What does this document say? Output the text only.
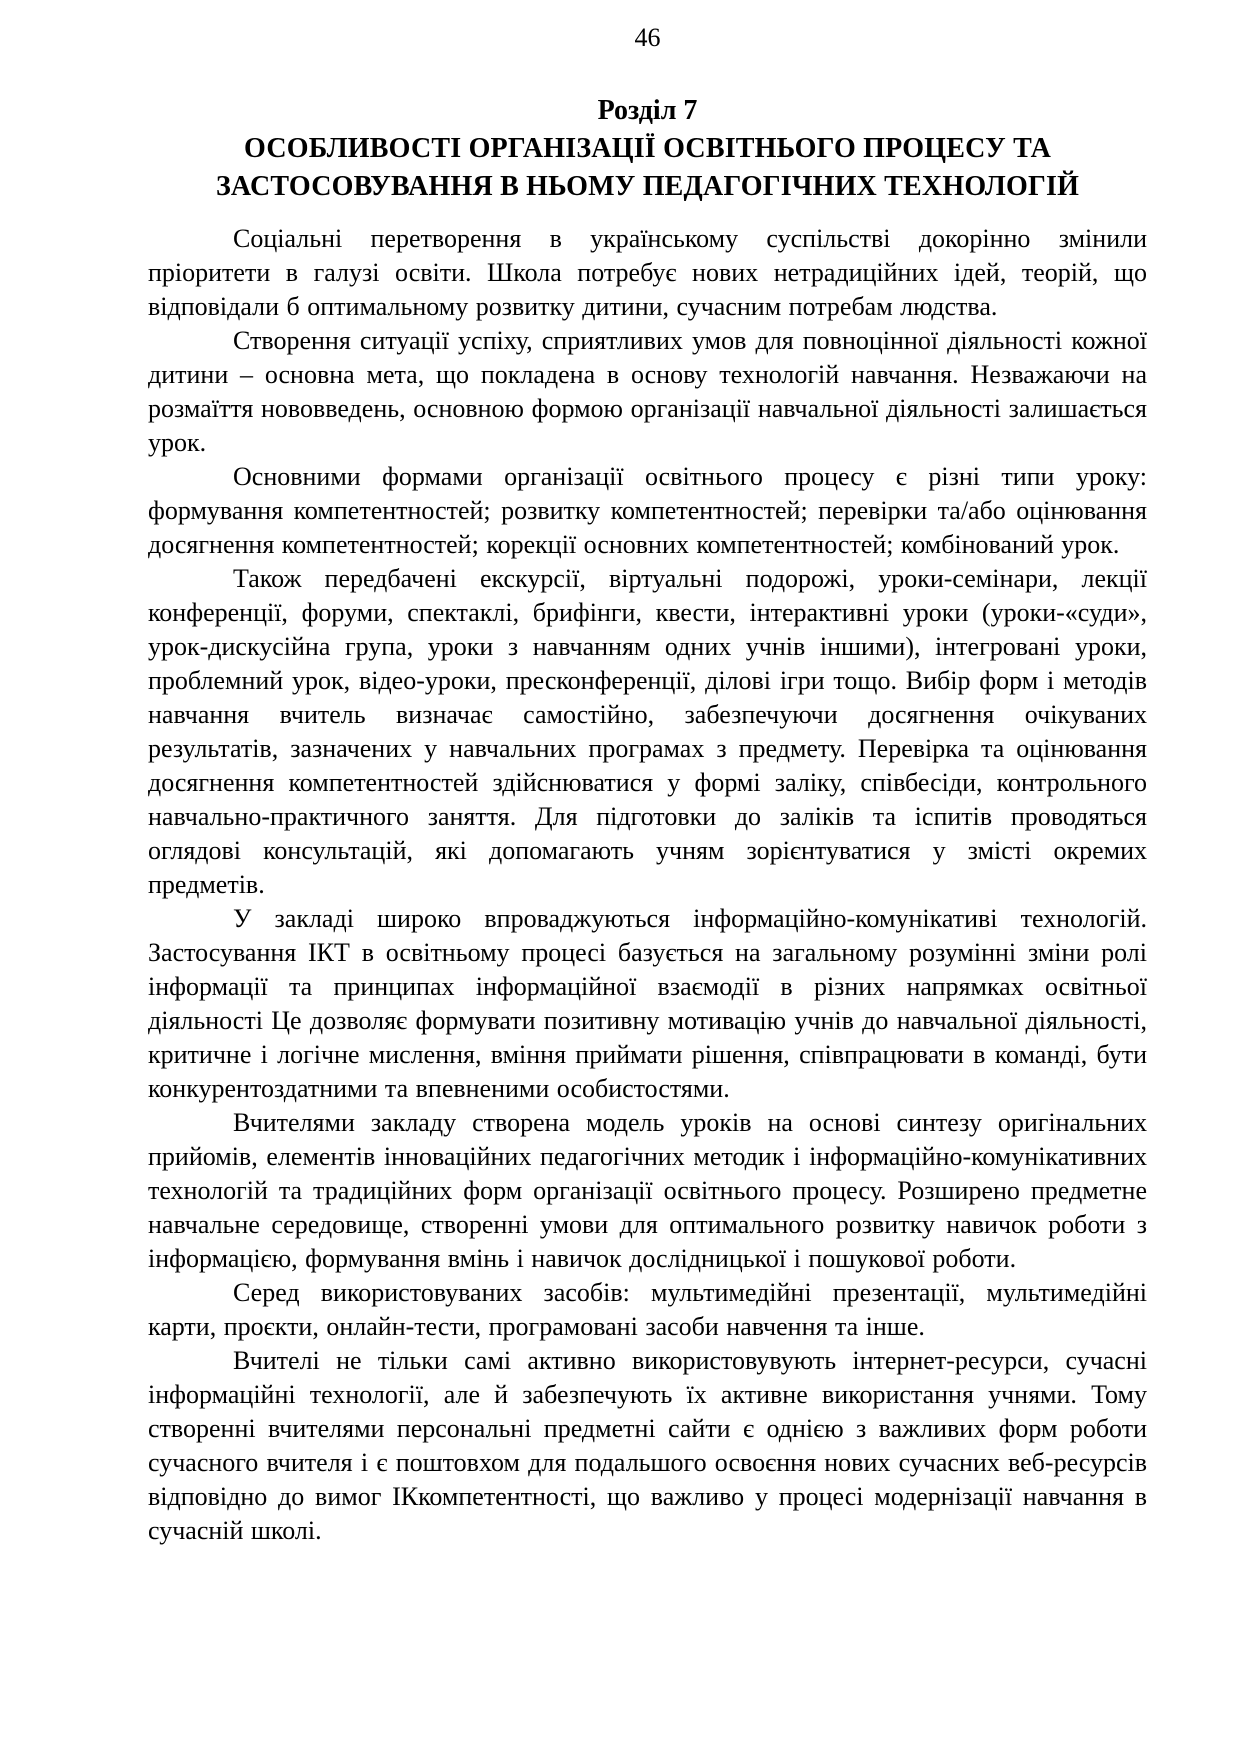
46
Розділ 7
ОСОБЛИВОСТІ ОРГАНІЗАЦІЇ ОСВІТНЬОГО ПРОЦЕСУ ТА ЗАСТОСОВУВАННЯ В НЬОМУ ПЕДАГОГІЧНИХ ТЕХНОЛОГІЙ

Соціальні перетворення в українському суспільстві докорінно змінили пріоритети в галузі освіти. Школа потребує нових нетрадиційних ідей, теорій, що відповідали б оптимальному розвитку дитини, сучасним потребам людства.

Створення ситуації успіху, сприятливих умов для повноцінної діяльності кожної дитини – основна мета, що покладена в основу технологій навчання. Незважаючи на розмаїття нововведень, основною формою організації навчальної діяльності залишається урок.

Основними формами організації освітнього процесу є різні типи уроку: формування компетентностей; розвитку компетентностей; перевірки та/або оцінювання досягнення компетентностей; корекції основних компетентностей; комбінований урок.

Також передбачені екскурсії, віртуальні подорожі, уроки-семінари, лекції конференції, форуми, спектаклі, брифінги, квести, інтерактивні уроки (уроки-«суди», урок-дискусійна група, уроки з навчанням одних учнів іншими), інтегровані уроки, проблемний урок, відео-уроки, пресконференції, ділові ігри тощо. Вибір форм і методів навчання вчитель визначає самостійно, забезпечуючи досягнення очікуваних результатів, зазначених у навчальних програмах з предмету. Перевірка та оцінювання досягнення компетентностей здійснюватися у формі заліку, співбесіди, контрольного навчально-практичного заняття. Для підготовки до заліків та іспитів проводяться оглядові консультацій, які допомагають учням зорієнтуватися у змісті окремих предметів.

У закладі широко впроваджуються інформаційно-комунікативі технологій. Застосування ІКТ в освітньому процесі базується на загальному розумінні зміни ролі інформації та принципах інформаційної взаємодії в різних напрямках освітньої діяльності Це дозволяє формувати позитивну мотивацію учнів до навчальної діяльності, критичне і логічне мислення, вміння приймати рішення, співпрацювати в команді, бути конкурентоздатними та впевненими особистостями.

Вчителями закладу створена модель уроків на основі синтезу оригінальних прийомів, елементів інноваційних педагогічних методик і інформаційно-комунікативних технологій та традиційних форм організації освітнього процесу. Розширено предметне навчальне середовище, створенні умови для оптимального розвитку навичок роботи з інформацією, формування вмінь і навичок дослідницької і пошукової роботи.

Серед використовуваних засобів: мультимедійні презентації, мультимедійні карти, проєкти, онлайн-тести, програмовані засоби навчення та інше.

Вчителі не тільки самі активно використовувують інтернет-ресурси, сучасні інформаційні технології, але й забезпечують їх активне використання учнями. Тому створенні вчителями персональні предметні сайти є однією з важливих форм роботи сучасного вчителя і є поштовхом для подальшого освоєння нових сучасних веб-ресурсів відповідно до вимог ІКкомпетентності, що важливо у процесі модернізації навчання в сучасній школі.
